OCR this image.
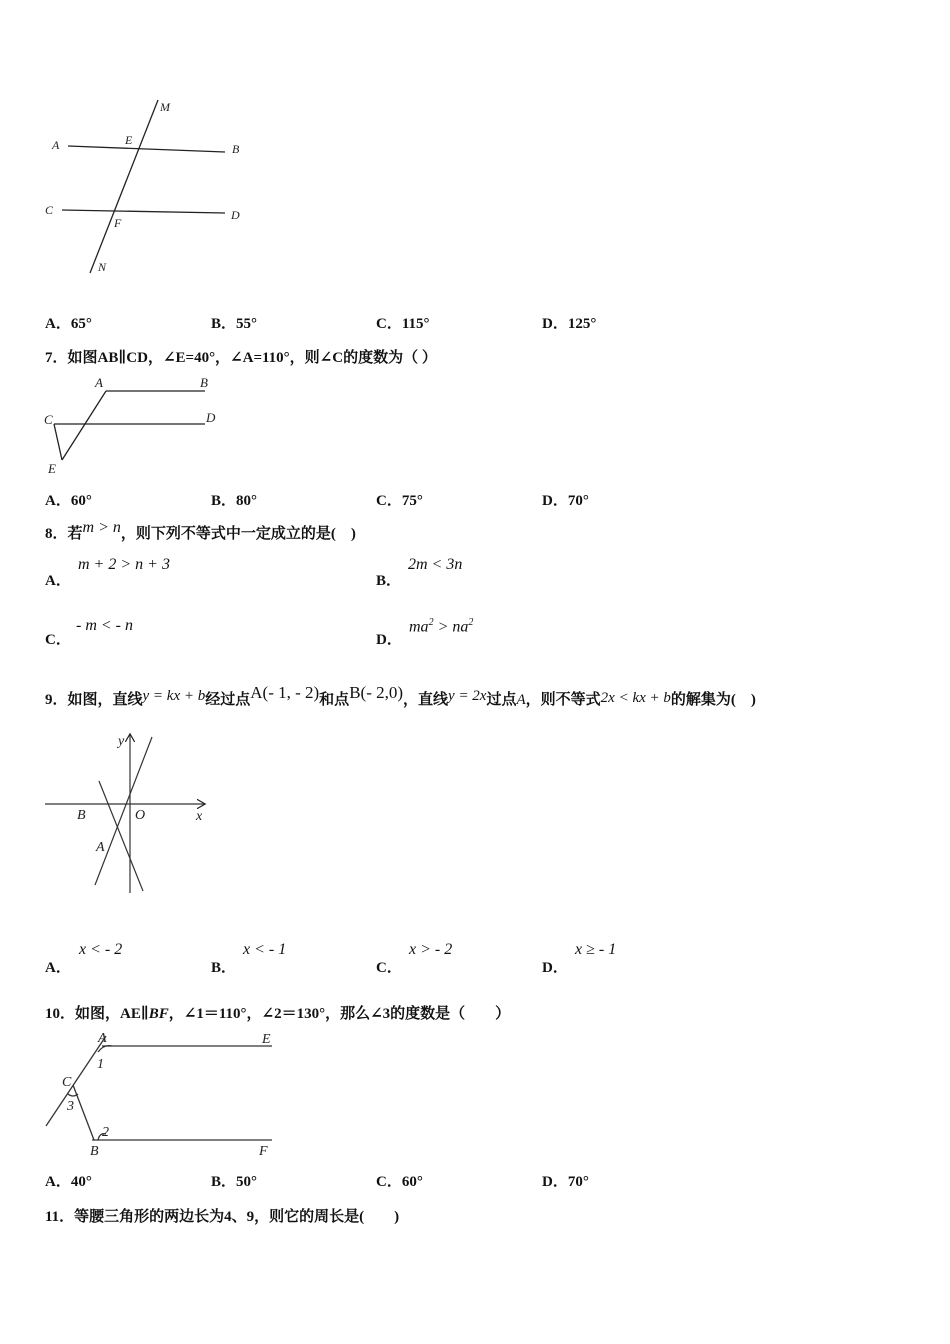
M
A	E
B
C
F
D
N
A．65°	B．55°	C．115°	D．125°
7．如图AB∥CD，∠E=40°，∠A=110°，则∠C的度数为（ ）
A	B
C	D
E
A．60°	B．80°	C．75°	D．70°
8．若m > n，则下列不等式中一定成立的是(　)
A．
m + 2 > n + 3
B．
2m < 3n
C．
- m < - n
D．
$ma^2 > na^2$
9．如图，直线y = kx + b经过点A(- 1, - 2)和点B(- 2,0)，直线y = 2x过点A，则不等式2x < kx + b的解集为(　)
y
x
B	O
A
A．
x < - 2
B．
x < - 1
C．
x > - 2
D．
x ≥ - 1
10．如图，AE∥BF，∠1＝110°，∠2＝130°，那么∠3的度数是（　　）
A	E
1
C
3
2
B	F
A．40°	B．50°	C．60°	D．70°
11．等腰三角形的两边长为4、9，则它的周长是(　　)
